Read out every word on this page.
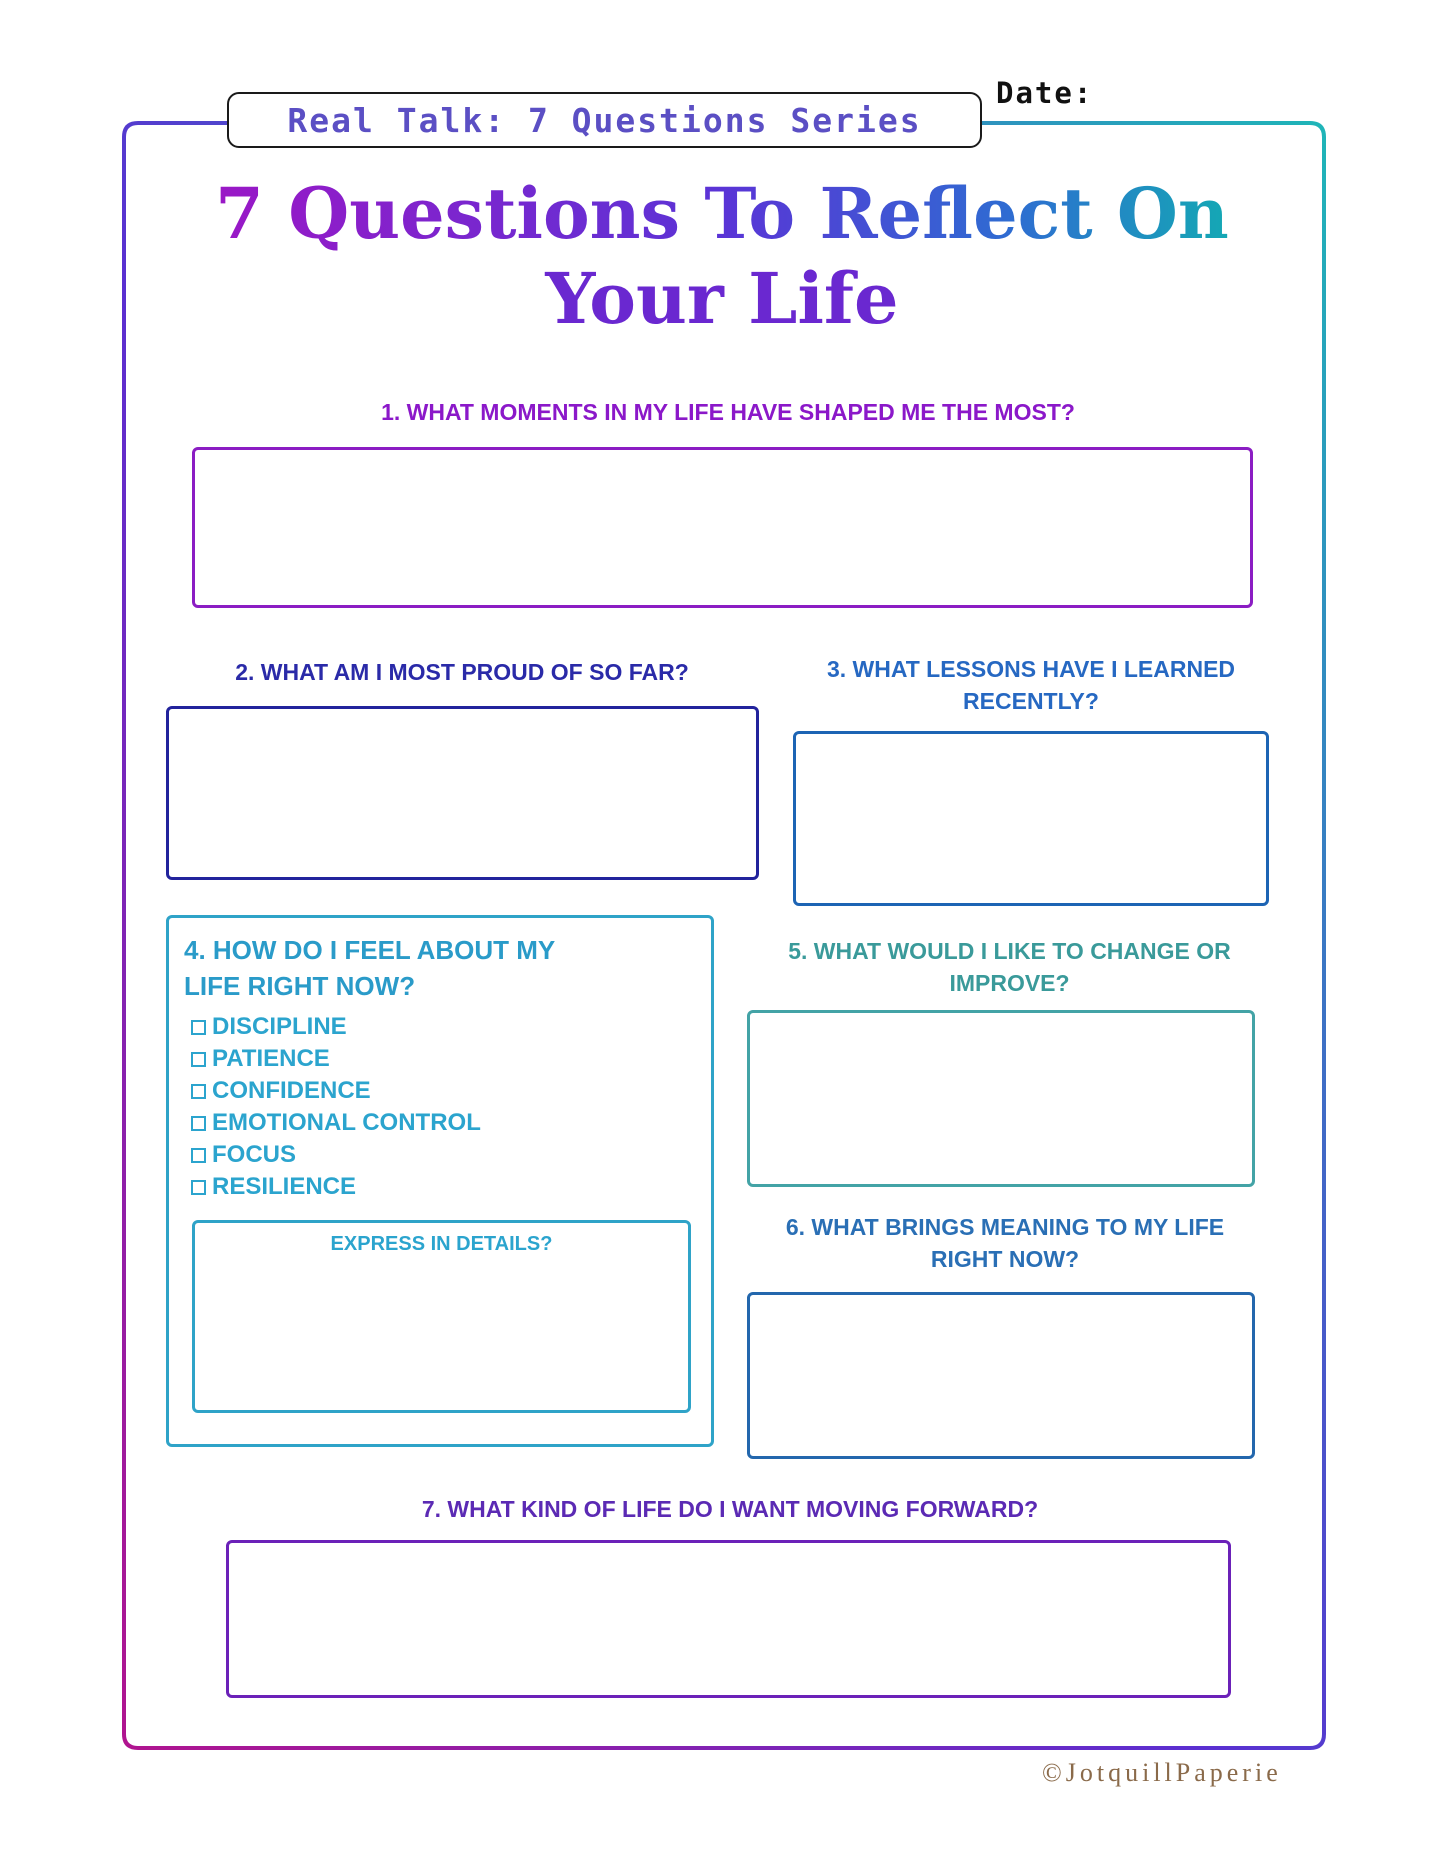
Real Talk: 7 Questions Series
Date:
7 Questions To Reflect On
Your Life
1. WHAT MOMENTS IN MY LIFE HAVE SHAPED ME THE MOST?
2. WHAT AM I MOST PROUD OF SO FAR?	3. WHAT LESSONS HAVE I LEARNED
RECENTLY?
4. HOW DO I FEEL ABOUT MY
LIFE RIGHT NOW?
DISCIPLINE
PATIENCE
CONFIDENCE
EMOTIONAL CONTROL
FOCUS
RESILIENCE
EXPRESS IN DETAILS?
5. WHAT WOULD I LIKE TO CHANGE OR
IMPROVE?
6. WHAT BRINGS MEANING TO MY LIFE
RIGHT NOW?
7. WHAT KIND OF LIFE DO I WANT MOVING FORWARD?
©JotquillPaperie
